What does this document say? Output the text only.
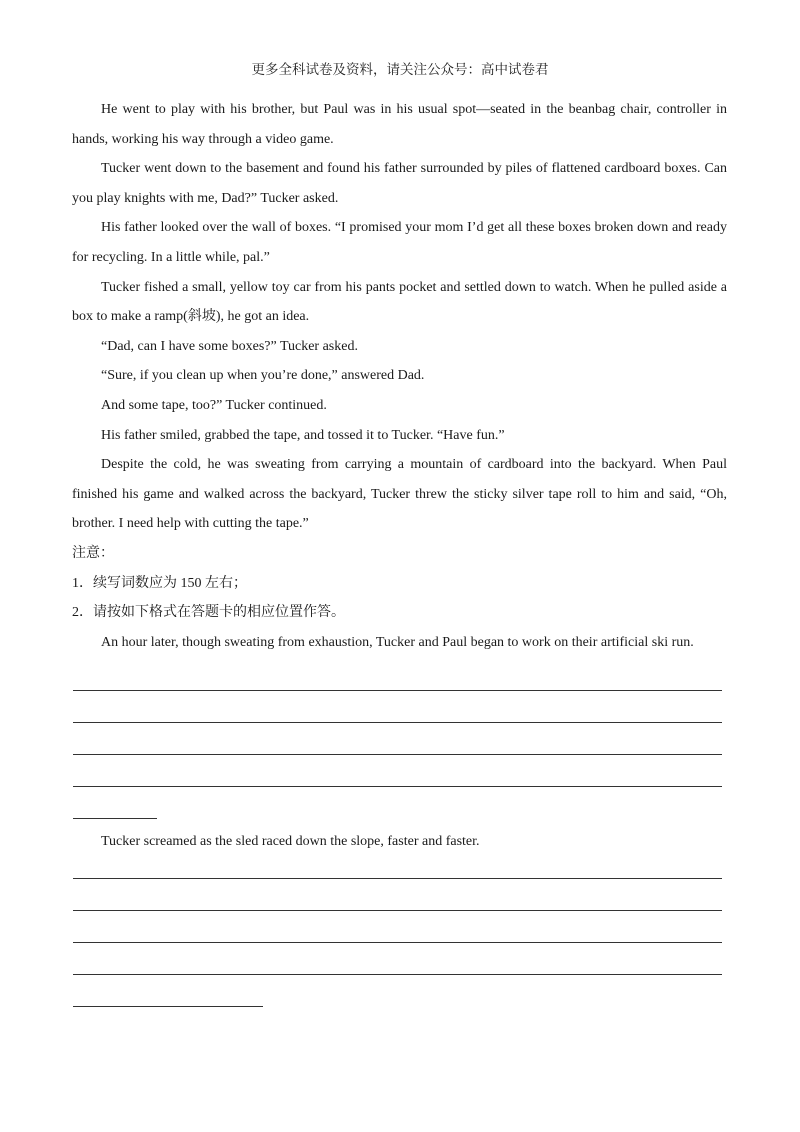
更多全科试卷及资料，请关注公众号：高中试卷君

He went to play with his brother, but Paul was in his usual spot—seated in the beanbag chair, controller in hands, working his way through a video game.

Tucker went down to the basement and found his father surrounded by piles of flattened cardboard boxes. Can you play knights with me, Dad?” Tucker asked.

His father looked over the wall of boxes. “I promised your mom I’d get all these boxes broken down and ready for recycling. In a little while, pal.”

Tucker fished a small, yellow toy car from his pants pocket and settled down to watch. When he pulled aside a box to make a ramp(斜坡), he got an idea.

“Dad, can I have some boxes?” Tucker asked.

“Sure, if you clean up when you’re done,” answered Dad.

And some tape, too?” Tucker continued.

His father smiled, grabbed the tape, and tossed it to Tucker. “Have fun.”

Despite the cold, he was sweating from carrying a mountain of cardboard into the backyard. When Paul finished his game and walked across the backyard, Tucker threw the sticky silver tape roll to him and said, “Oh, brother. I need help with cutting the tape.”

注意：

1．续写词数应为 150 左右；

2．请按如下格式在答题卡的相应位置作答。

An hour later, though sweating from exhaustion, Tucker and Paul began to work on their artificial ski run.

Tucker screamed as the sled raced down the slope, faster and faster.
